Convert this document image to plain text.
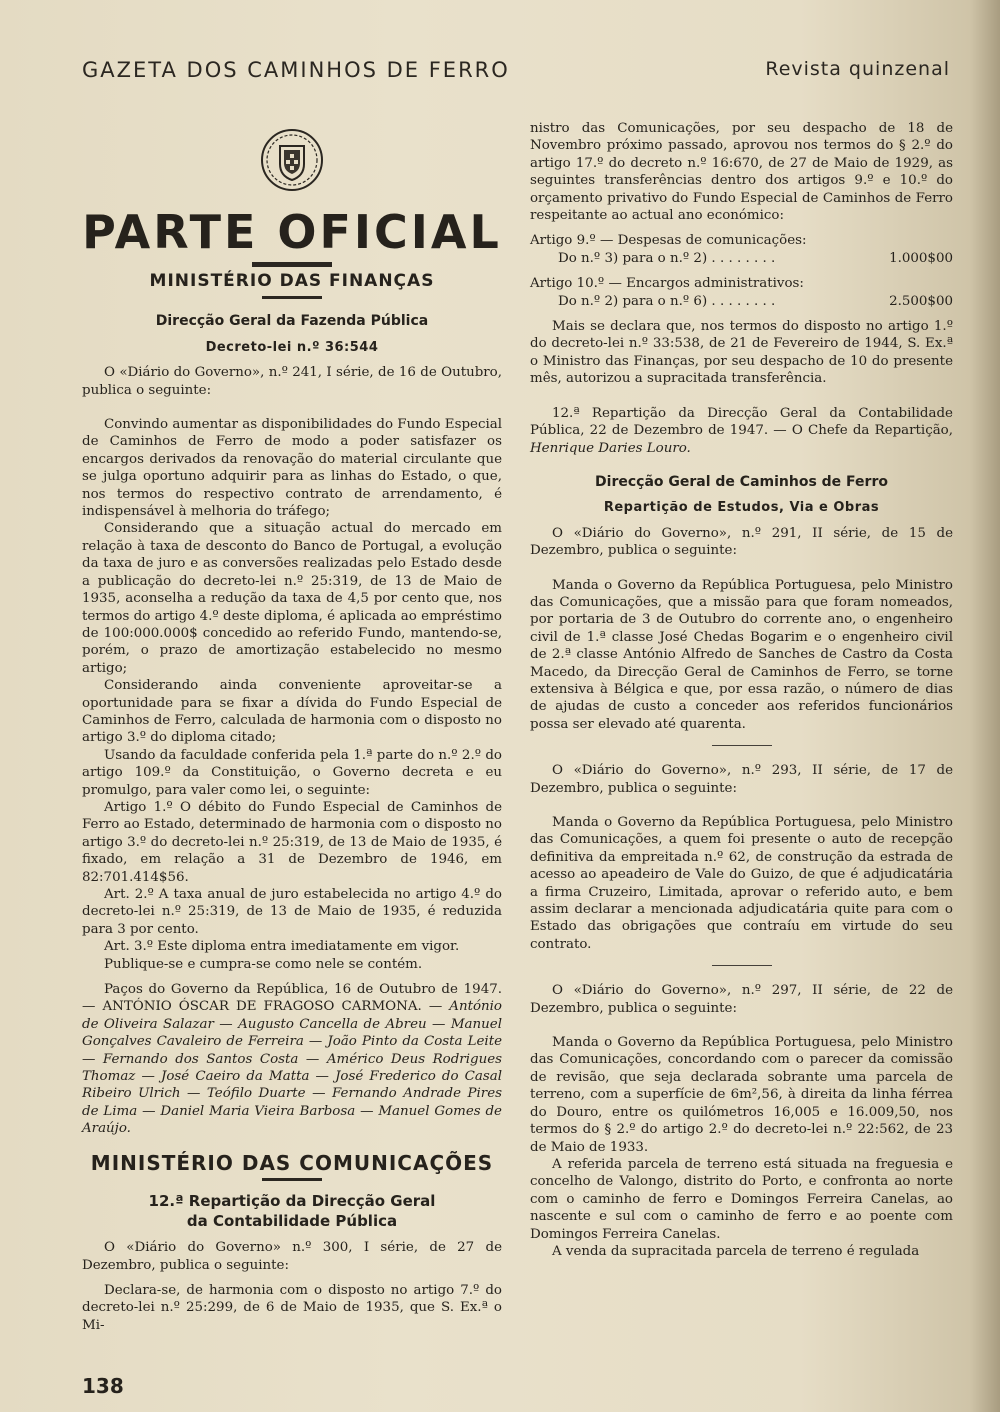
GAZETA DOS CAMINHOS DE FERRO	Revista quinzenal
PARTE OFICIAL
MINISTÉRIO DAS FINANÇAS
Direcção Geral da Fazenda Pública
Decreto-lei n.º 36:544

O «Diário do Governo», n.º 241, I série, de 16 de Outubro, publica o seguinte:

Convindo aumentar as disponibilidades do Fundo Especial de Caminhos de Ferro de modo a poder satisfazer os encargos derivados da renovação do material circulante que se julga oportuno adquirir para as linhas do Estado, o que, nos termos do respectivo contrato de arrendamento, é indispensável à melhoria do tráfego;

Considerando que a situação actual do mercado em relação à taxa de desconto do Banco de Portugal, a evolução da taxa de juro e as conversões realizadas pelo Estado desde a publicação do decreto-lei n.º 25:319, de 13 de Maio de 1935, aconselha a redução da taxa de 4,5 por cento que, nos termos do artigo 4.º deste diploma, é aplicada ao empréstimo de 100:000.000$ concedido ao referido Fundo, mantendo-se, porém, o prazo de amortização estabelecido no mesmo artigo;

Considerando ainda conveniente aproveitar-se a oportunidade para se fixar a dívida do Fundo Especial de Caminhos de Ferro, calculada de harmonia com o disposto no artigo 3.º do diploma citado;

Usando da faculdade conferida pela 1.ª parte do n.º 2.º do artigo 109.º da Constituição, o Governo decreta e eu promulgo, para valer como lei, o seguinte:

Artigo 1.º O débito do Fundo Especial de Caminhos de Ferro ao Estado, determinado de harmonia com o disposto no artigo 3.º do decreto-lei n.º 25:319, de 13 de Maio de 1935, é fixado, em relação a 31 de Dezembro de 1946, em 82:701.414$56.

Art. 2.º A taxa anual de juro estabelecida no artigo 4.º do decreto-lei n.º 25:319, de 13 de Maio de 1935, é reduzida para 3 por cento.

Art. 3.º Este diploma entra imediatamente em vigor.

Publique-se e cumpra-se como nele se contém.

Paços do Governo da República, 16 de Outubro de 1947. — ANTÓNIO ÓSCAR DE FRAGOSO CARMONA. — António de Oliveira Salazar — Augusto Cancella de Abreu — Manuel Gonçalves Cavaleiro de Ferreira — João Pinto da Costa Leite — Fernando dos Santos Costa — Américo Deus Rodrigues Thomaz — José Caeiro da Matta — José Frederico do Casal Ribeiro Ulrich — Teófilo Duarte — Fernando Andrade Pires de Lima — Daniel Maria Vieira Barbosa — Manuel Gomes de Araújo.

MINISTÉRIO DAS COMUNICAÇÕES
12.ª Repartição da Direcção Geral
da Contabilidade Pública

O «Diário do Governo» n.º 300, I série, de 27 de Dezembro, publica o seguinte:

Declara-se, de harmonia com o disposto no artigo 7.º do decreto-lei n.º 25:299, de 6 de Maio de 1935, que S. Ex.ª o Mi-

nistro das Comunicações, por seu despacho de 18 de Novembro próximo passado, aprovou nos termos do § 2.º do artigo 17.º do decreto n.º 16:670, de 27 de Maio de 1929, as seguintes transferências dentro dos artigos 9.º e 10.º do orçamento privativo do Fundo Especial de Caminhos de Ferro respeitante ao actual ano económico:

Artigo 9.º — Despesas de comunicações:

Do n.º 3) para o n.º 2) . . . . . . . .	1.000$00

Artigo 10.º — Encargos administrativos:

Do n.º 2) para o n.º 6) . . . . . . . .	2.500$00

Mais se declara que, nos termos do disposto no artigo 1.º do decreto-lei n.º 33:538, de 21 de Fevereiro de 1944, S. Ex.ª o Ministro das Finanças, por seu despacho de 10 do presente mês, autorizou a supracitada transferência.

12.ª Repartição da Direcção Geral da Contabilidade Pública, 22 de Dezembro de 1947. — O Chefe da Repartição, Henrique Daries Louro.

Direcção Geral de Caminhos de Ferro
Repartição de Estudos, Via e Obras

O «Diário do Governo», n.º 291, II série, de 15 de Dezembro, publica o seguinte:

Manda o Governo da República Portuguesa, pelo Ministro das Comunicações, que a missão para que foram nomeados, por portaria de 3 de Outubro do corrente ano, o engenheiro civil de 1.ª classe José Chedas Bogarim e o engenheiro civil de 2.ª classe António Alfredo de Sanches de Castro da Costa Macedo, da Direcção Geral de Caminhos de Ferro, se torne extensiva à Bélgica e que, por essa razão, o número de dias de ajudas de custo a conceder aos referidos funcionários possa ser elevado até quarenta.

O «Diário do Governo», n.º 293, II série, de 17 de Dezembro, publica o seguinte:

Manda o Governo da República Portuguesa, pelo Ministro das Comunicações, a quem foi presente o auto de recepção definitiva da empreitada n.º 62, de construção da estrada de acesso ao apeadeiro de Vale do Guizo, de que é adjudicatária a firma Cruzeiro, Limitada, aprovar o referido auto, e bem assim declarar a mencionada adjudicatária quite para com o Estado das obrigações que contraíu em virtude do seu contrato.

O «Diário do Governo», n.º 297, II série, de 22 de Dezembro, publica o seguinte:

Manda o Governo da República Portuguesa, pelo Ministro das Comunicações, concordando com o parecer da comissão de revisão, que seja declarada sobrante uma parcela de terreno, com a superfície de 6m²,56, à direita da linha férrea do Douro, entre os quilómetros 16,005 e 16.009,50, nos termos do § 2.º do artigo 2.º do decreto-lei n.º 22:562, de 23 de Maio de 1933.

A referida parcela de terreno está situada na freguesia e concelho de Valongo, distrito do Porto, e confronta ao norte com o caminho de ferro e Domingos Ferreira Canelas, ao nascente e sul com o caminho de ferro e ao poente com Domingos Ferreira Canelas.

A venda da supracitada parcela de terreno é regulada

138
